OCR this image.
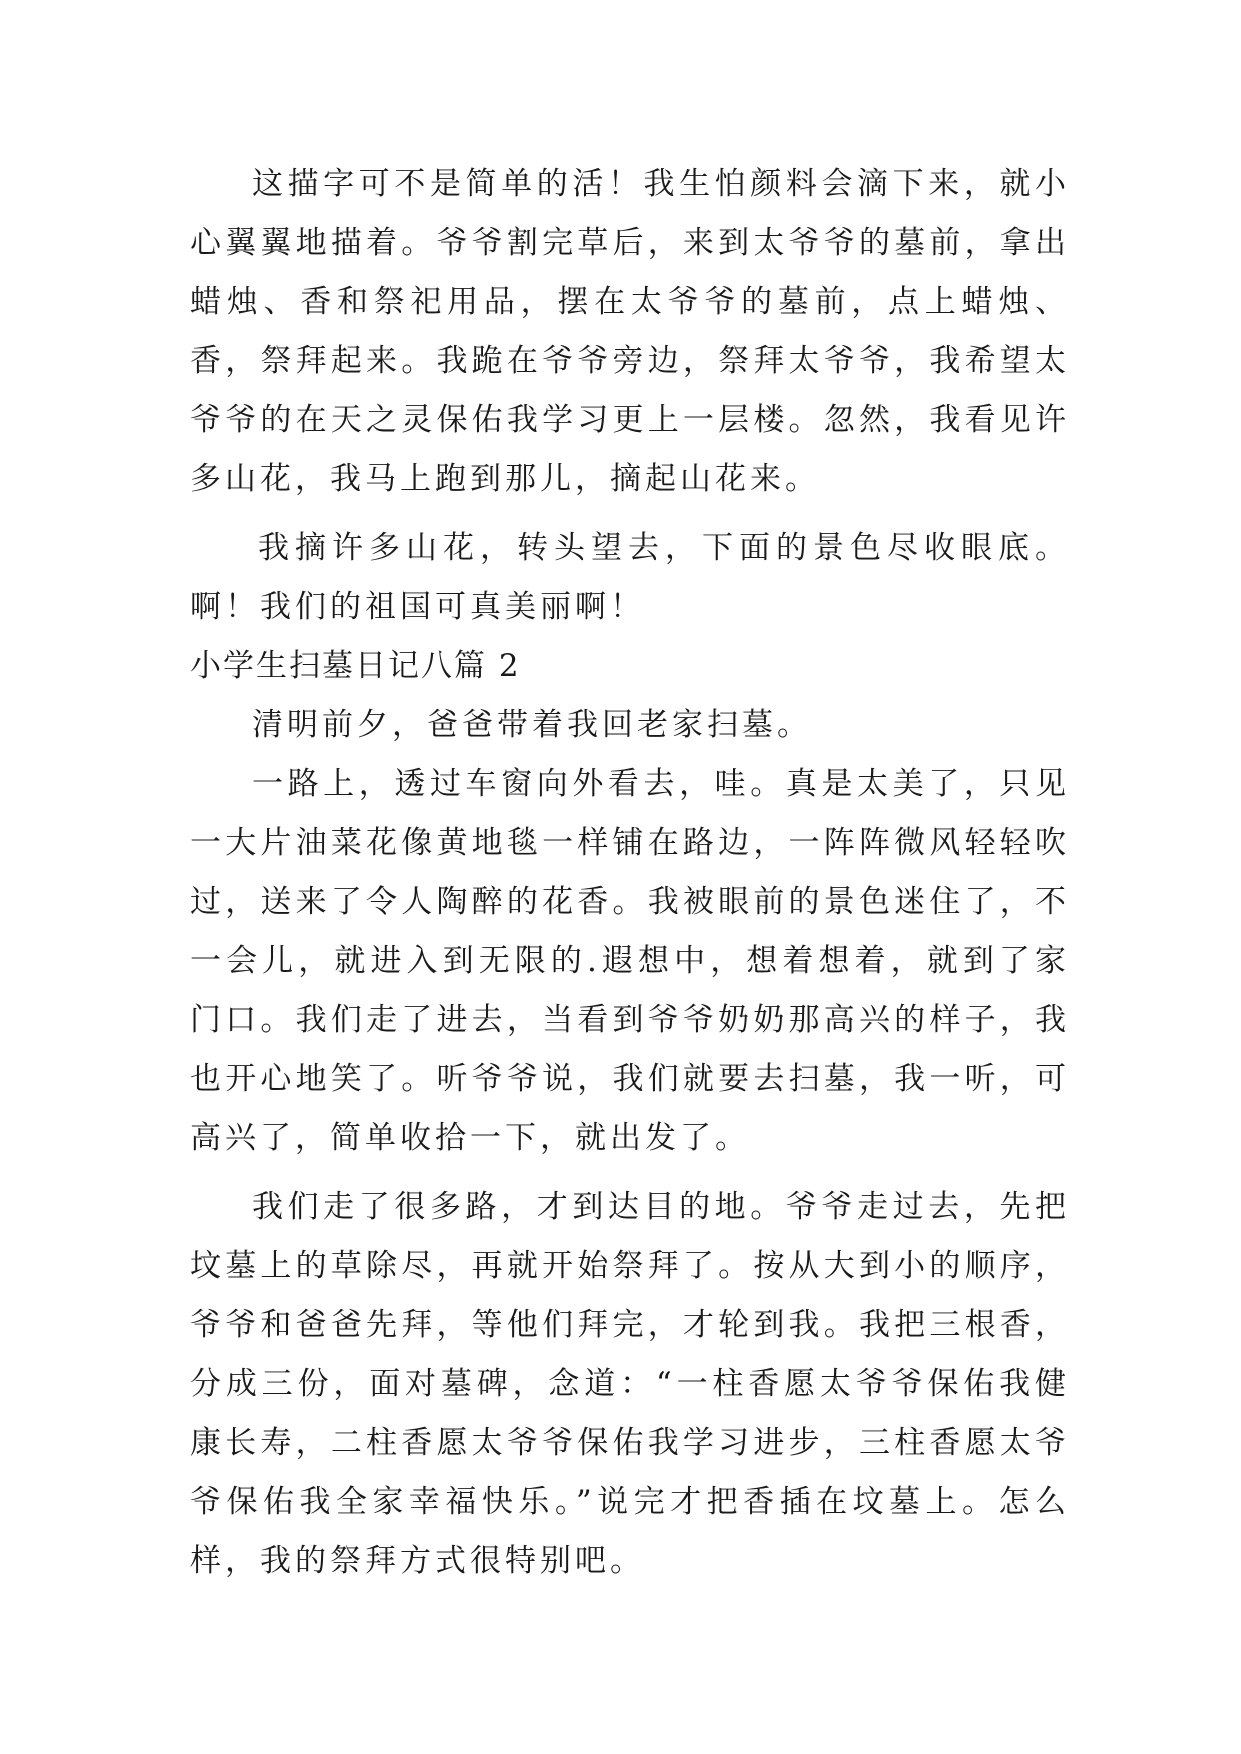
这描字可不是简单的活！我生怕颜料会滴下来，就小心翼翼地描着。爷爷割完草后，来到太爷爷的墓前，拿出蜡烛、香和祭祀用品，摆在太爷爷的墓前，点上蜡烛、香，祭拜起来。我跪在爷爷旁边，祭拜太爷爷，我希望太爷爷的在天之灵保佑我学习更上一层楼。忽然，我看见许多山花，我马上跑到那儿，摘起山花来。

我摘许多山花，转头望去，下面的景色尽收眼底。啊！我们的祖国可真美丽啊！

小学生扫墓日记八篇 2

清明前夕，爸爸带着我回老家扫墓。

一路上，透过车窗向外看去，哇。真是太美了，只见一大片油菜花像黄地毯一样铺在路边，一阵阵微风轻轻吹过，送来了令人陶醉的花香。我被眼前的景色迷住了，不一会儿，就进入到无限的.遐想中，想着想着，就到了家门口。我们走了进去，当看到爷爷奶奶那高兴的样子，我也开心地笑了。听爷爷说，我们就要去扫墓，我一听，可高兴了，简单收拾一下，就出发了。

我们走了很多路，才到达目的地。爷爷走过去，先把坟墓上的草除尽，再就开始祭拜了。按从大到小的顺序，爷爷和爸爸先拜，等他们拜完，才轮到我。我把三根香，分成三份，面对墓碑，念道：“一柱香愿太爷爷保佑我健康长寿，二柱香愿太爷爷保佑我学习进步，三柱香愿太爷爷保佑我全家幸福快乐。”说完才把香插在坟墓上。怎么样，我的祭拜方式很特别吧。
